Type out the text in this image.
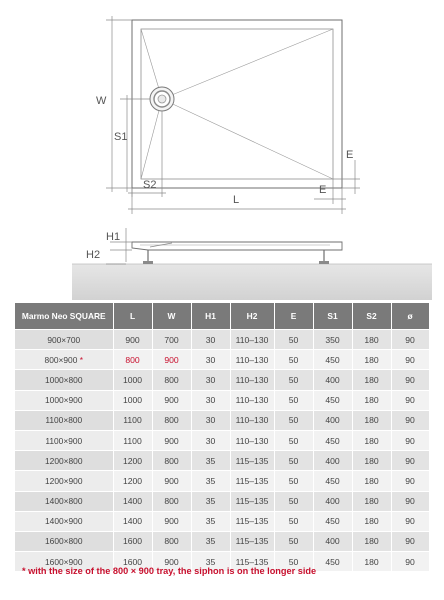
W
S1
S2
L
E
E
H1
H2
Marmo Neo SQUARE	L	W	H1	H2	E	S1	S2	ø
900×700	900	700	30	110–130	50	350	180	90
800×900 *	800	900	30	110–130	50	450	180	90
1000×800	1000	800	30	110–130	50	400	180	90
1000×900	1000	900	30	110–130	50	450	180	90
1100×800	1100	800	30	110–130	50	400	180	90
1100×900	1100	900	30	110–130	50	450	180	90
1200×800	1200	800	35	115–135	50	400	180	90
1200×900	1200	900	35	115–135	50	450	180	90
1400×800	1400	800	35	115–135	50	400	180	90
1400×900	1400	900	35	115–135	50	450	180	90
1600×800	1600	800	35	115–135	50	400	180	90
1600×900	1600	900	35	115–135	50	450	180	90
* with the size of the 800 × 900 tray, the siphon is on the longer side
